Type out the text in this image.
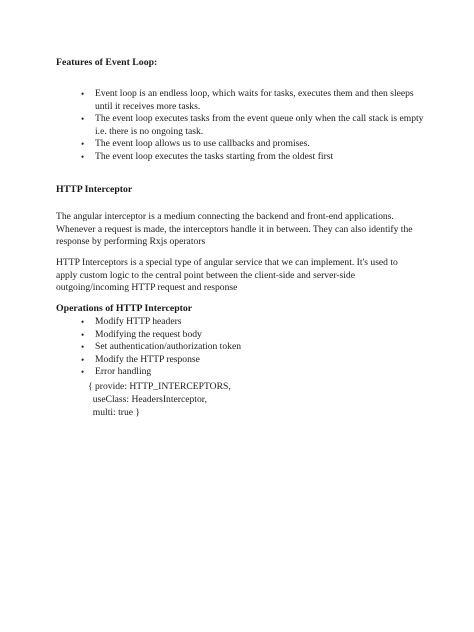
Features of Event Loop:
• Event loop is an endless loop, which waits for tasks, executes them and then sleeps until it receives more tasks.
• The event loop executes tasks from the event queue only when the call stack is empty i.e. there is no ongoing task.
• The event loop allows us to use callbacks and promises.
• The event loop executes the tasks starting from the oldest first
HTTP Interceptor
The angular interceptor is a medium connecting the backend and front-end applications. Whenever a request is made, the interceptors handle it in between. They can also identify the response by performing Rxjs operators
HTTP Interceptors is a special type of angular service that we can implement. It's used to apply custom logic to the central point between the client-side and server-side outgoing/incoming HTTP request and response
Operations of HTTP Interceptor
• Modify HTTP headers
• Modifying the request body
• Set authentication/authorization token
• Modify the HTTP response
• Error handling
{ provide: HTTP_INTERCEPTORS,
useClass: HeadersInterceptor,
multi: true }
